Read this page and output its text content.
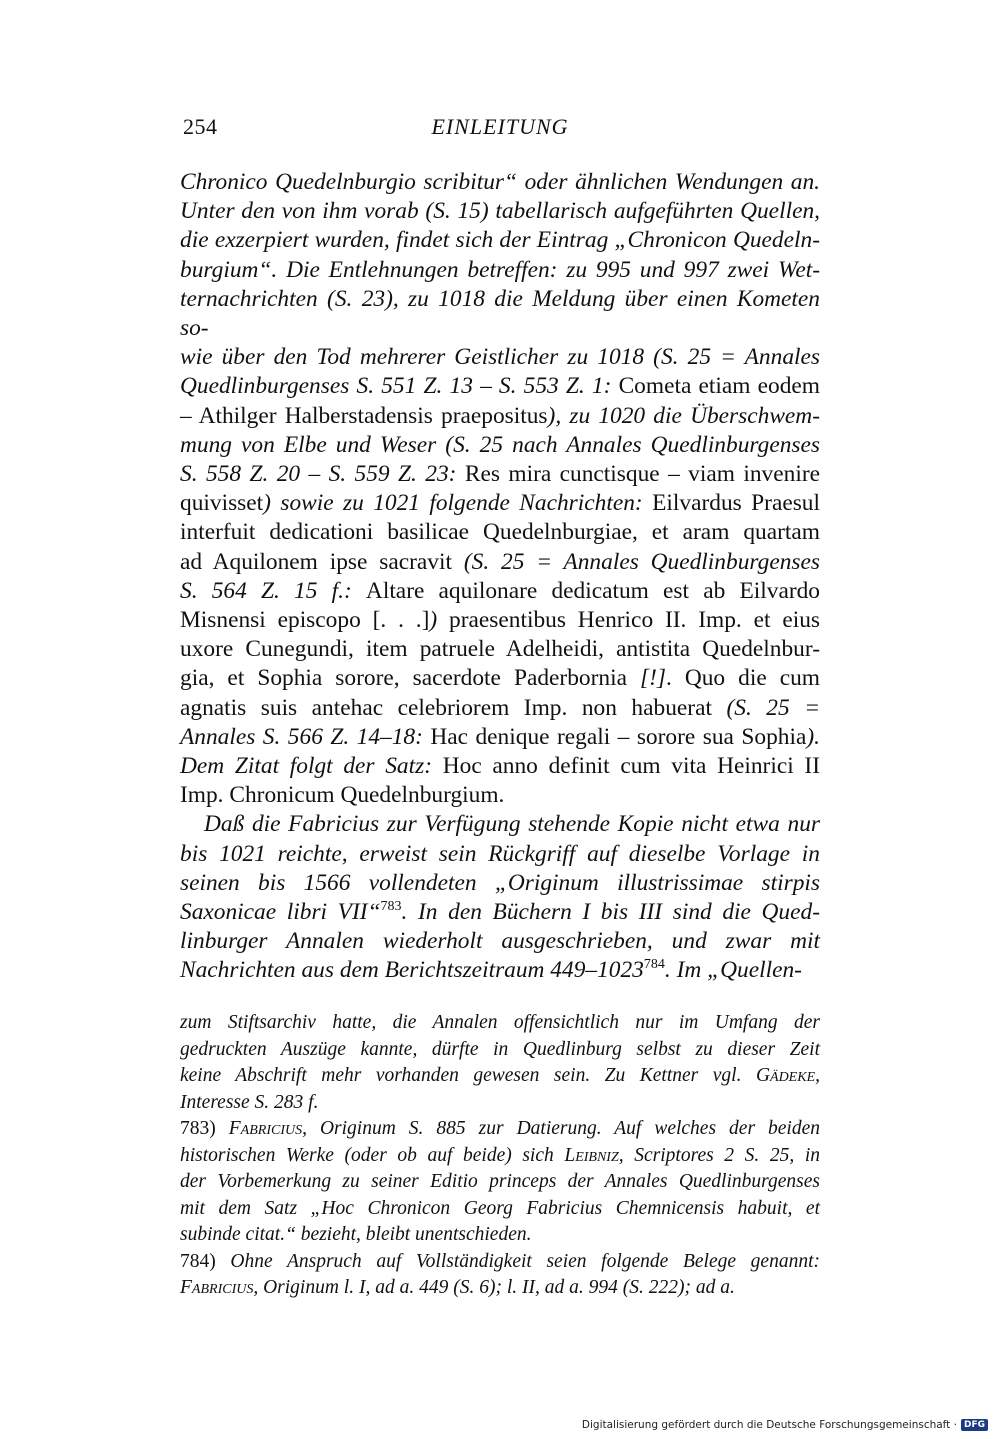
254	EINLEITUNG

Chronico Quedelnburgio scribitur“ oder ähnlichen Wendungen an.

Unter den von ihm vorab (S. 15) tabellarisch aufgeführten Quellen,

die exzerpiert wurden, findet sich der Eintrag „Chronicon Quedeln-

burgium“. Die Entlehnungen betreffen: zu 995 und 997 zwei Wet-

ternachrichten (S. 23), zu 1018 die Meldung über einen Kometen so-

wie über den Tod mehrerer Geistlicher zu 1018 (S. 25 = Annales

Quedlinburgenses S. 551 Z. 13 – S. 553 Z. 1: Cometa etiam eodem

– Athilger Halberstadensis praepositus), zu 1020 die Überschwem-

mung von Elbe und Weser (S. 25 nach Annales Quedlinburgenses

S. 558 Z. 20 – S. 559 Z. 23: Res mira cunctisque – viam invenire

quivisset) sowie zu 1021 folgende Nachrichten: Eilvardus Praesul

interfuit dedicationi basilicae Quedelnburgiae, et aram quartam

ad Aquilonem ipse sacravit (S. 25 = Annales Quedlinburgenses

S. 564 Z. 15 f.: Altare aquilonare dedicatum est ab Eilvardo

Misnensi episcopo [. . .]) praesentibus Henrico II. Imp. et eius

uxore Cunegundi, item patruele Adelheidi, antistita Quedelnbur-

gia, et Sophia sorore, sacerdote Paderbornia [!]. Quo die cum

agnatis suis antehac celebriorem Imp. non habuerat (S. 25 =

Annales S. 566 Z. 14–18: Hac denique regali – sorore sua Sophia).

Dem Zitat folgt der Satz: Hoc anno definit cum vita Heinrici II

Imp. Chronicum Quedelnburgium.

Daß die Fabricius zur Verfügung stehende Kopie nicht etwa nur

bis 1021 reichte, erweist sein Rückgriff auf dieselbe Vorlage in

seinen bis 1566 vollendeten „Originum illustrissimae stirpis

Saxonicae libri VII“$^{783}$. In den Büchern I bis III sind die Qued-

linburger Annalen wiederholt ausgeschrieben, und zwar mit

Nachrichten aus dem Berichtszeitraum 449–1023$^{784}$. Im „Quellen-

zum Stiftsarchiv hatte, die Annalen offensichtlich nur im Umfang der

gedruckten Auszüge kannte, dürfte in Quedlinburg selbst zu dieser Zeit

keine Abschrift mehr vorhanden gewesen sein. Zu Kettner vgl. Gädeke,

Interesse S. 283 f.

783) Fabricius, Originum S. 885 zur Datierung. Auf welches der beiden

historischen Werke (oder ob auf beide) sich Leibniz, Scriptores 2 S. 25, in

der Vorbemerkung zu seiner Editio princeps der Annales Quedlinburgenses

mit dem Satz „Hoc Chronicon Georg Fabricius Chemnicensis habuit, et

subinde citat.“ bezieht, bleibt unentschieden.

784) Ohne Anspruch auf Vollständigkeit seien folgende Belege genannt:

Fabricius, Originum l. I, ad a. 449 (S. 6); l. II, ad a. 994 (S. 222); ad a.

Digitalisierung gefördert durch die Deutsche Forschungsgemeinschaft · DFG
